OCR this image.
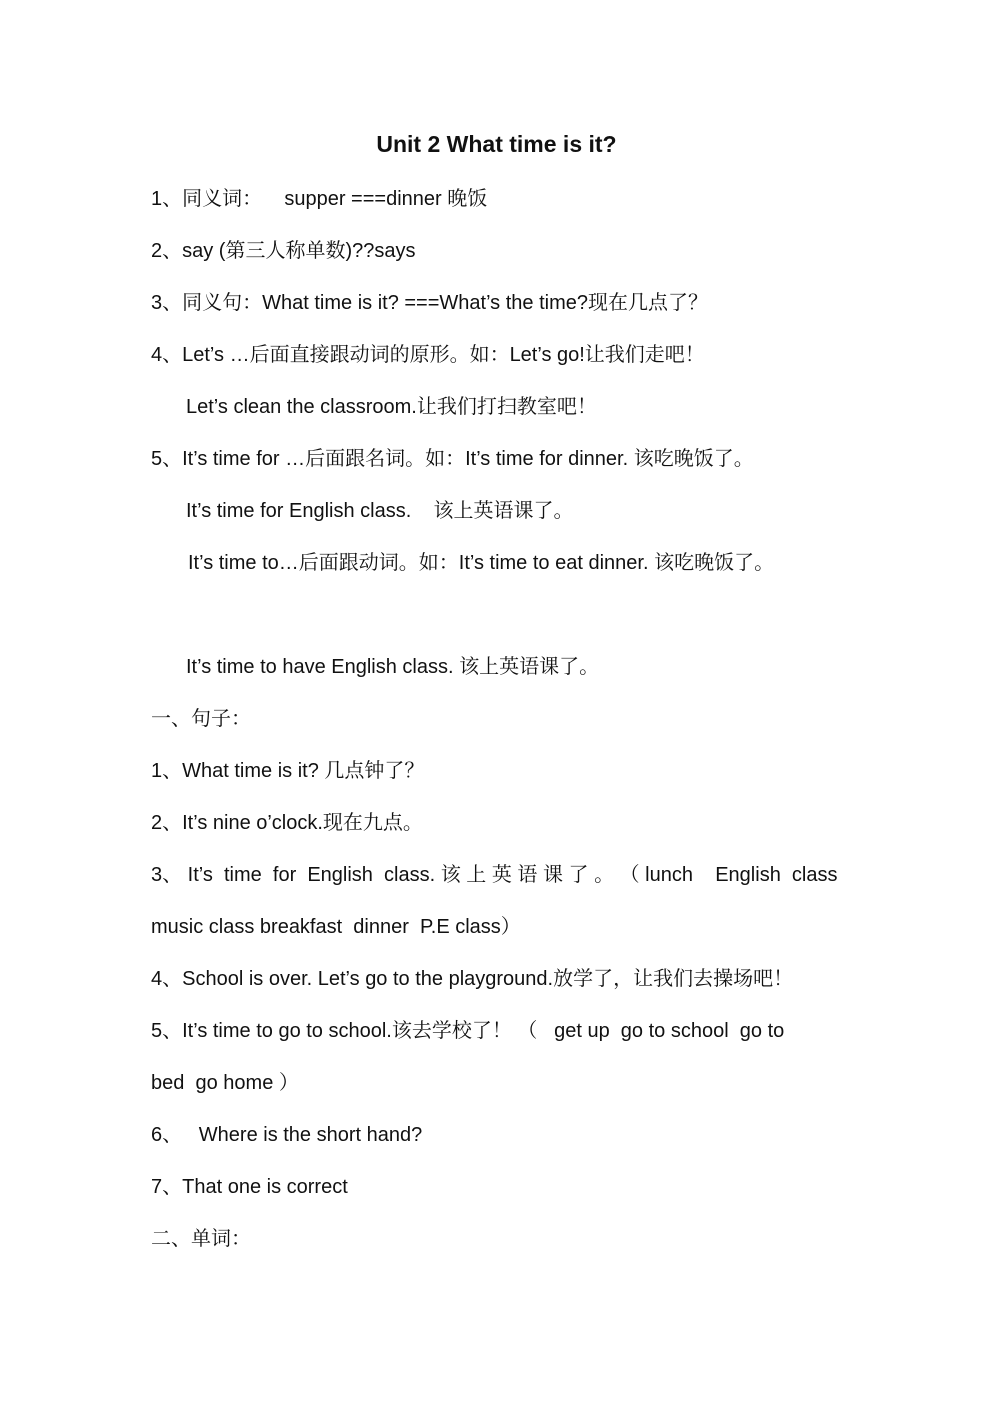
Unit 2 What time is it?
1、同义词：    supper ===dinner 晚饭
2、say (第三人称单数)??says
3、同义句：What time is it? ===What’s the time?现在几点了？
4、Let’s …后面直接跟动词的原形。如：Let’s go!让我们走吧！
Let’s clean the classroom.让我们打扫教室吧！
5、It’s time for …后面跟名词。如：It’s time for dinner. 该吃晚饭了。
It’s time for English class.    该上英语课了。
It’s time to…后面跟动词。如：It’s time to eat dinner. 该吃晚饭了。
It’s time to have English class. 该上英语课了。
一、句子：
1、What time is it? 几点钟了？
2、It’s nine o’clock.现在九点。
3、 It’s  time  for  English  class. 该 上 英 语 课 了 。 （ lunch    English  class
music class breakfast  dinner  P.E class）
4、School is over. Let’s go to the playground.放学了，让我们去操场吧！
5、It’s time to go to school.该去学校了！ （   get up  go to school  go to
bed  go home ）
6、   Where is the short hand?
7、That one is correct
二、单词：
